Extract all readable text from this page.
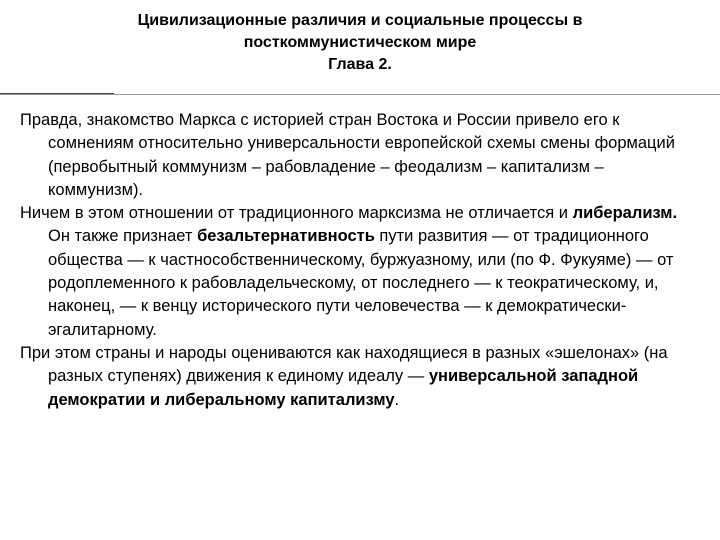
Цивилизационные различия и социальные процессы в
посткоммунистическом мире
Глава 2.

Правда, знакомство Маркса с историей стран Востока и России привело его к сомнениям относительно универсальности европейской схемы смены формаций (первобытный коммунизм – рабовладение – феодализм – капитализм – коммунизм).

Ничем в этом отношении от традиционного марксизма не отличается и либерализм. Он также признает безальтернативность пути развития — от традиционного общества — к частнособственническому, буржуазному, или (по Ф. Фукуяме) — от родоплеменного к рабовладельческому, от последнего — к теократическому, и, наконец, — к венцу исторического пути человечества — к демократически-эгалитарному.

При этом страны и народы оцениваются как находящиеся в разных «эшелонах» (на разных ступенях) движения к единому идеалу — универсальной западной демократии и либеральному капитализму.
